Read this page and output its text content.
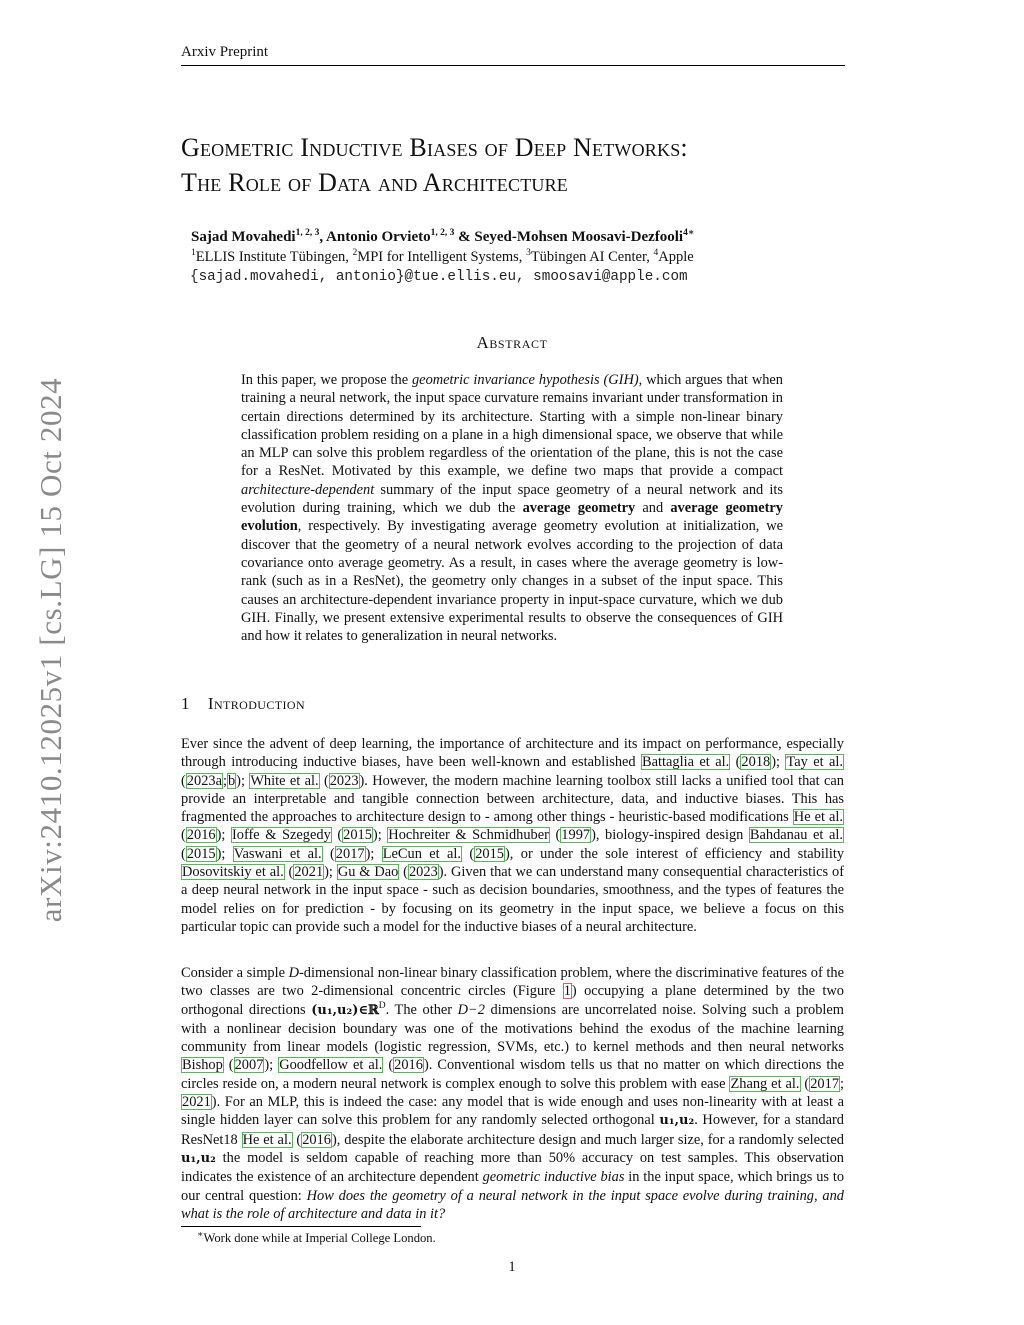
Arxiv Preprint
Geometric Inductive Biases of Deep Networks:
The Role of Data and Architecture
Sajad Movahedi$^{1, 2, 3}$, Antonio Orvieto$^{1, 2, 3}$ & Seyed-Mohsen Moosavi-Dezfooli$^{4∗}$
$^1$ELLIS Institute Tübingen, $^2$MPI for Intelligent Systems, $^3$Tübingen AI Center, $^4$Apple
{sajad.movahedi, antonio}@tue.ellis.eu, smoosavi@apple.com
Abstract
In this paper, we propose the geometric invariance hypothesis (GIH), which argues that when training a neural network, the input space curvature remains invariant under transformation in certain directions determined by its architecture. Starting with a simple non-linear binary classification problem residing on a plane in a high dimensional space, we observe that while an MLP can solve this problem regardless of the orientation of the plane, this is not the case for a ResNet. Motivated by this example, we define two maps that provide a compact architecture-dependent summary of the input space geometry of a neural network and its evolution during training, which we dub the average geometry and average geometry evolution, respectively. By investigating average geometry evolution at initialization, we discover that the geometry of a neural network evolves according to the projection of data covariance onto average geometry. As a result, in cases where the average geometry is low-rank (such as in a ResNet), the geometry only changes in a subset of the input space. This causes an architecture-dependent invariance property in input-space curvature, which we dub GIH. Finally, we present extensive experimental results to observe the consequences of GIH and how it relates to generalization in neural networks.
arXiv:2410.12025v1 [cs.LG] 15 Oct 2024	1 Introduction
Ever since the advent of deep learning, the importance of architecture and its impact on performance, especially through introducing inductive biases, have been well-known and established Battaglia et al. (2018); Tay et al. (2023a;b); White et al. (2023). However, the modern machine learning toolbox still lacks a unified tool that can provide an interpretable and tangible connection between architecture, data, and inductive biases. This has fragmented the approaches to architecture design to - among other things - heuristic-based modifications He et al. (2016); Ioffe & Szegedy (2015); Hochreiter & Schmidhuber (1997), biology-inspired design Bahdanau et al. (2015); Vaswani et al. (2017); LeCun et al. (2015), or under the sole interest of efficiency and stability Dosovitskiy et al. (2021); Gu & Dao (2023). Given that we can understand many consequential characteristics of a deep neural network in the input space - such as decision boundaries, smoothness, and the types of features the model relies on for prediction - by focusing on its geometry in the input space, we believe a focus on this particular topic can provide such a model for the inductive biases of a neural architecture.
Consider a simple D-dimensional non-linear binary classification problem, where the discriminative features of the two classes are two 2-dimensional concentric circles (Figure 1) occupying a plane determined by the two orthogonal directions (u₁,u₂)∈ℝ$^D$. The other D−2 dimensions are uncorrelated noise. Solving such a problem with a nonlinear decision boundary was one of the motivations behind the exodus of the machine learning community from linear models (logistic regression, SVMs, etc.) to kernel methods and then neural networks Bishop (2007); Goodfellow et al. (2016). Conventional wisdom tells us that no matter on which directions the circles reside on, a modern neural network is complex enough to solve this problem with ease Zhang et al. (2017; 2021). For an MLP, this is indeed the case: any model that is wide enough and uses non-linearity with at least a single hidden layer can solve this problem for any randomly selected orthogonal u₁,u₂. However, for a standard ResNet18 He et al. (2016), despite the elaborate architecture design and much larger size, for a randomly selected u₁,u₂ the model is seldom capable of reaching more than 50% accuracy on test samples. This observation indicates the existence of an architecture dependent geometric inductive bias in the input space, which brings us to our central question: How does the geometry of a neural network in the input space evolve during training, and what is the role of architecture and data in it?
∗Work done while at Imperial College London.
1
